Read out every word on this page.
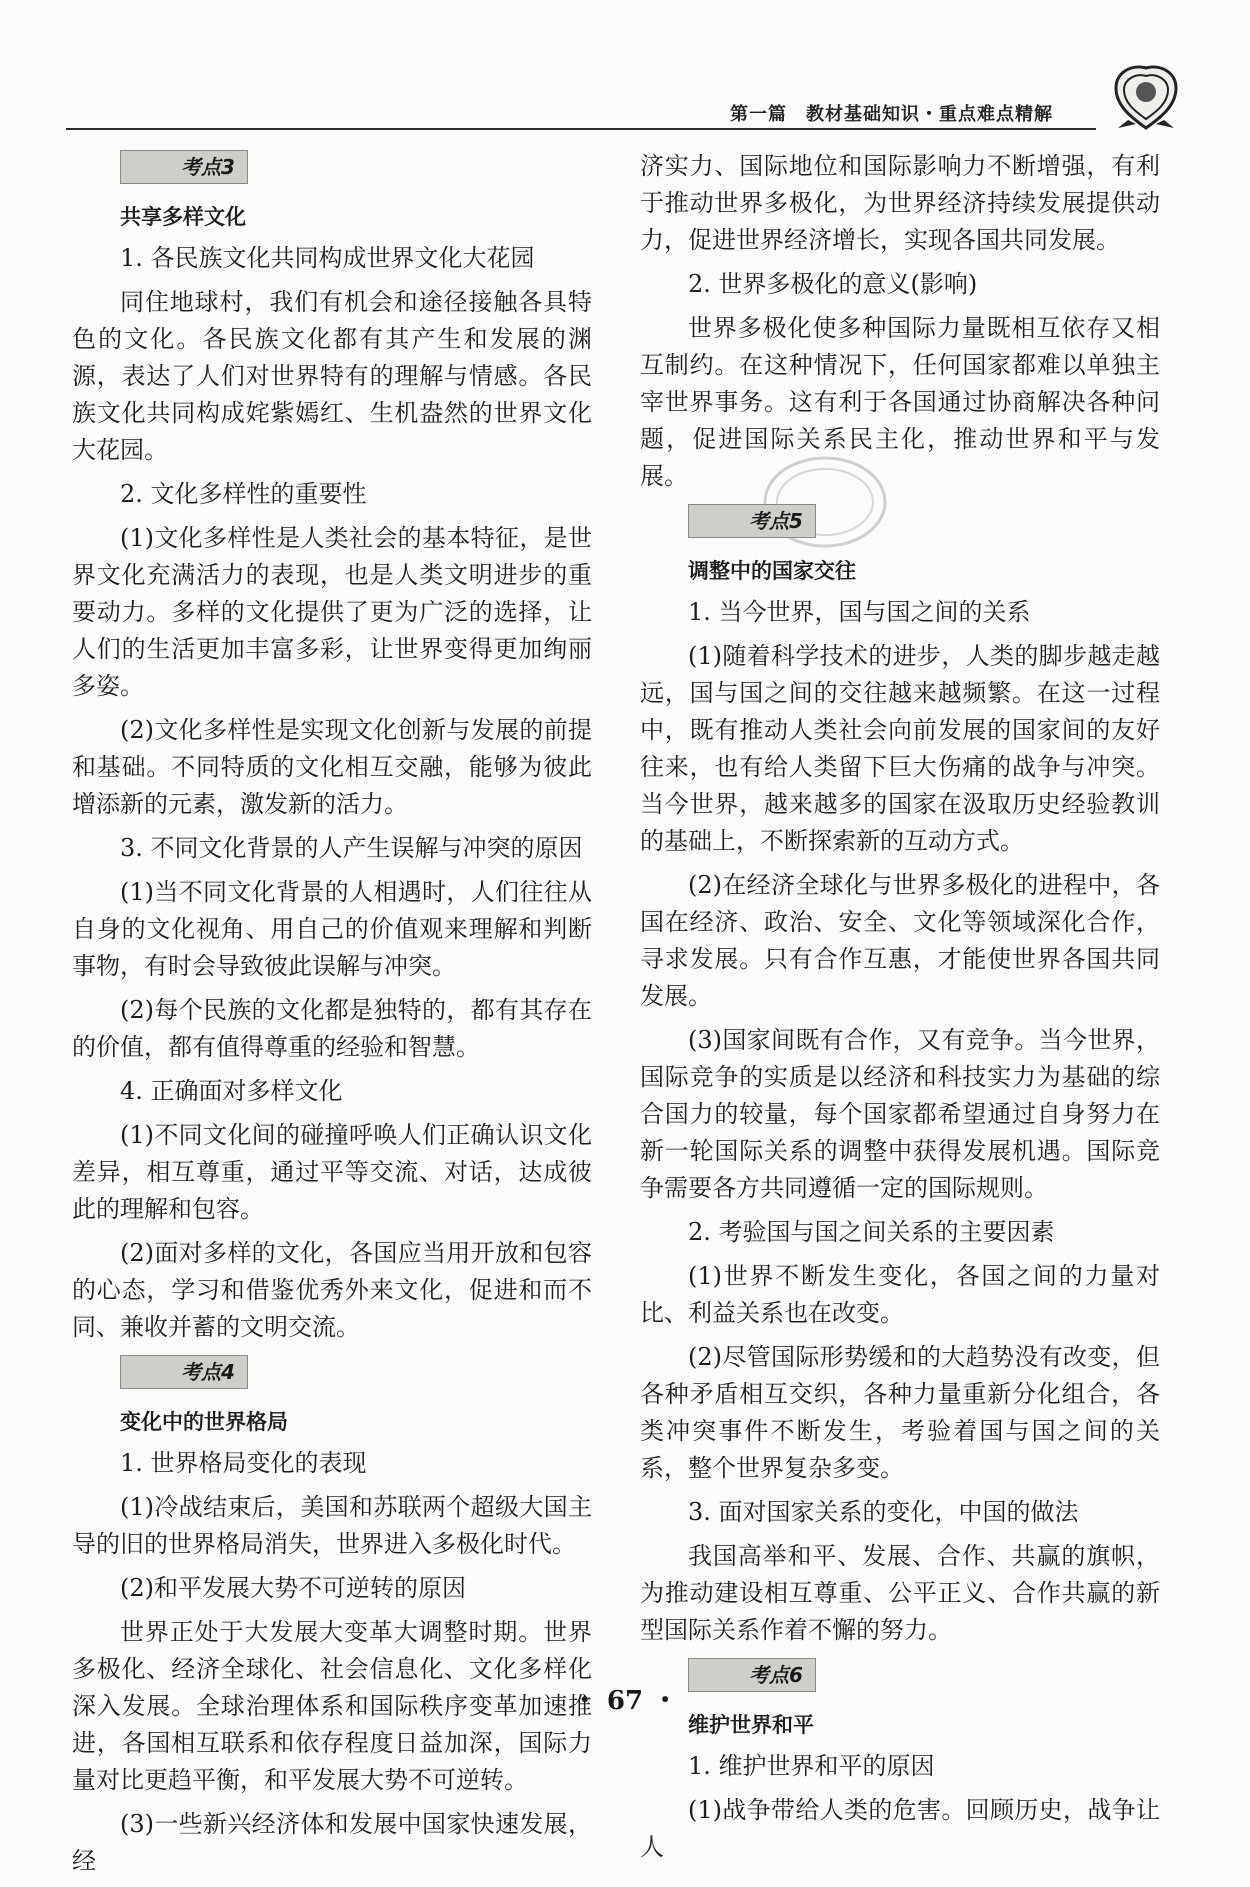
第一篇　教材基础知识・重点难点精解

考点3

共享多样文化
1. 各民族文化共同构成世界文化大花园

同住地球村，我们有机会和途径接触各具特色的文化。各民族文化都有其产生和发展的渊源，表达了人们对世界特有的理解与情感。各民族文化共同构成姹紫嫣红、生机盎然的世界文化大花园。

2. 文化多样性的重要性

(1)文化多样性是人类社会的基本特征，是世界文化充满活力的表现，也是人类文明进步的重要动力。多样的文化提供了更为广泛的选择，让人们的生活更加丰富多彩，让世界变得更加绚丽多姿。

(2)文化多样性是实现文化创新与发展的前提和基础。不同特质的文化相互交融，能够为彼此增添新的元素，激发新的活力。

3. 不同文化背景的人产生误解与冲突的原因

(1)当不同文化背景的人相遇时，人们往往从自身的文化视角、用自己的价值观来理解和判断事物，有时会导致彼此误解与冲突。

(2)每个民族的文化都是独特的，都有其存在的价值，都有值得尊重的经验和智慧。

4. 正确面对多样文化

(1)不同文化间的碰撞呼唤人们正确认识文化差异，相互尊重，通过平等交流、对话，达成彼此的理解和包容。

(2)面对多样的文化，各国应当用开放和包容的心态，学习和借鉴优秀外来文化，促进和而不同、兼收并蓄的文明交流。

考点4

变化中的世界格局
1. 世界格局变化的表现

(1)冷战结束后，美国和苏联两个超级大国主导的旧的世界格局消失，世界进入多极化时代。

(2)和平发展大势不可逆转的原因

世界正处于大发展大变革大调整时期。世界多极化、经济全球化、社会信息化、文化多样化深入发展。全球治理体系和国际秩序变革加速推进，各国相互联系和依存程度日益加深，国际力量对比更趋平衡，和平发展大势不可逆转。

(3)一些新兴经济体和发展中国家快速发展，经

济实力、国际地位和国际影响力不断增强，有利于推动世界多极化，为世界经济持续发展提供动力，促进世界经济增长，实现各国共同发展。

2. 世界多极化的意义(影响)

世界多极化使多种国际力量既相互依存又相互制约。在这种情况下，任何国家都难以单独主宰世界事务。这有利于各国通过协商解决各种问题，促进国际关系民主化，推动世界和平与发展。

考点5

调整中的国家交往
1. 当今世界，国与国之间的关系

(1)随着科学技术的进步，人类的脚步越走越远，国与国之间的交往越来越频繁。在这一过程中，既有推动人类社会向前发展的国家间的友好往来，也有给人类留下巨大伤痛的战争与冲突。当今世界，越来越多的国家在汲取历史经验教训的基础上，不断探索新的互动方式。

(2)在经济全球化与世界多极化的进程中，各国在经济、政治、安全、文化等领域深化合作，寻求发展。只有合作互惠，才能使世界各国共同发展。

(3)国家间既有合作，又有竞争。当今世界，国际竞争的实质是以经济和科技实力为基础的综合国力的较量，每个国家都希望通过自身努力在新一轮国际关系的调整中获得发展机遇。国际竞争需要各方共同遵循一定的国际规则。

2. 考验国与国之间关系的主要因素

(1)世界不断发生变化，各国之间的力量对比、利益关系也在改变。

(2)尽管国际形势缓和的大趋势没有改变，但各种矛盾相互交织，各种力量重新分化组合，各类冲突事件不断发生，考验着国与国之间的关系，整个世界复杂多变。

3. 面对国家关系的变化，中国的做法

我国高举和平、发展、合作、共赢的旗帜，为推动建设相互尊重、公平正义、合作共赢的新型国际关系作着不懈的努力。

考点6

维护世界和平
1. 维护世界和平的原因

(1)战争带给人类的危害。回顾历史，战争让人

・ 67 ・
